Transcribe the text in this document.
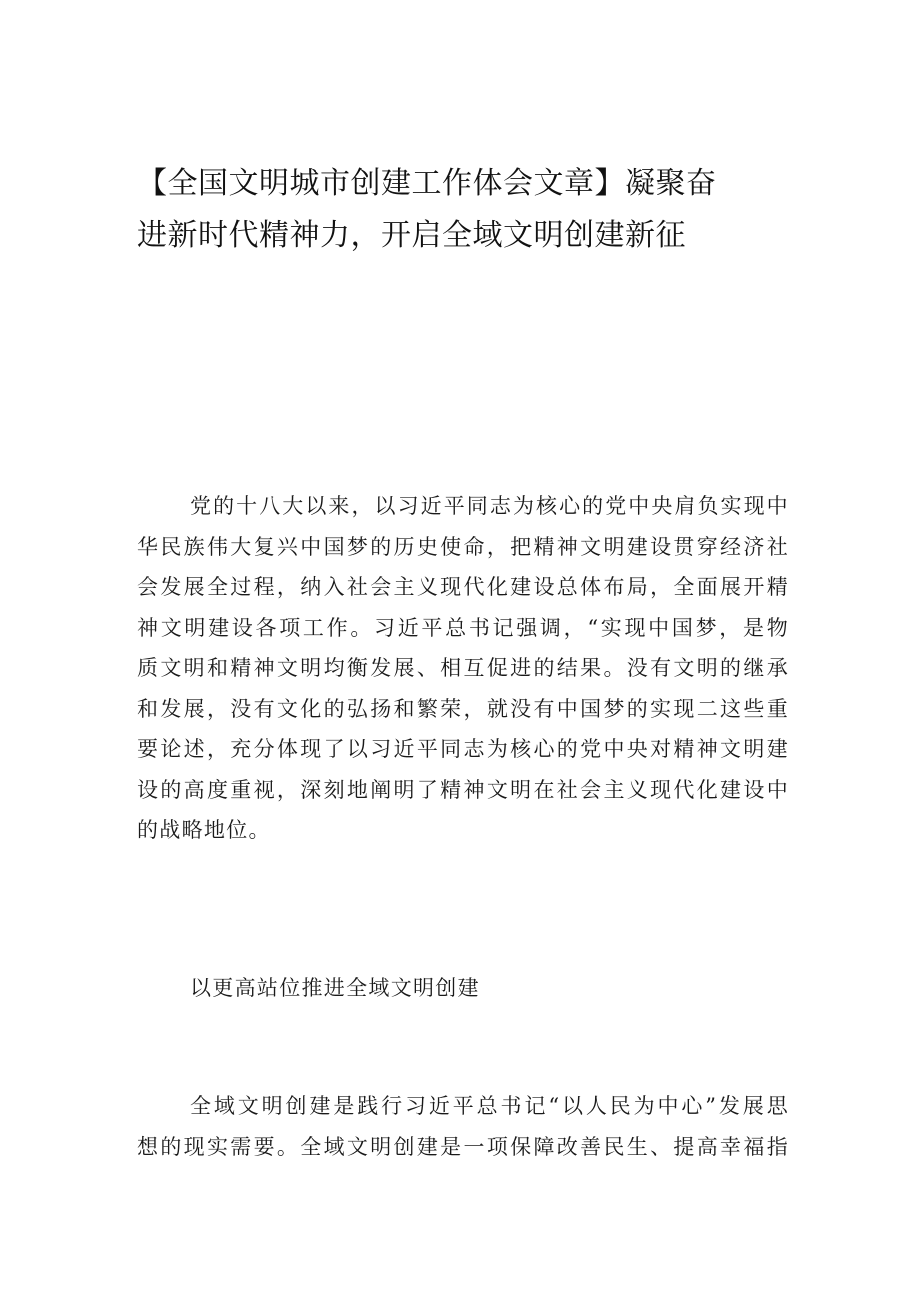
【全国文明城市创建工作体会文章】凝聚奋
进新时代精神力，开启全域文明创建新征
党的十八大以来，以习近平同志为核心的党中央肩负实现中
华民族伟大复兴中国梦的历史使命，把精神文明建设贯穿经济社
会发展全过程，纳入社会主义现代化建设总体布局，全面展开精
神文明建设各项工作。习近平总书记强调，“实现中国梦，是物
质文明和精神文明均衡发展、相互促进的结果。没有文明的继承
和发展，没有文化的弘扬和繁荣，就没有中国梦的实现二这些重
要论述，充分体现了以习近平同志为核心的党中央对精神文明建
设的高度重视，深刻地阐明了精神文明在社会主义现代化建设中
的战略地位。
以更高站位推进全域文明创建
全域文明创建是践行习近平总书记“以人民为中心”发展思
想的现实需要。全域文明创建是一项保障改善民生、提高幸福指
